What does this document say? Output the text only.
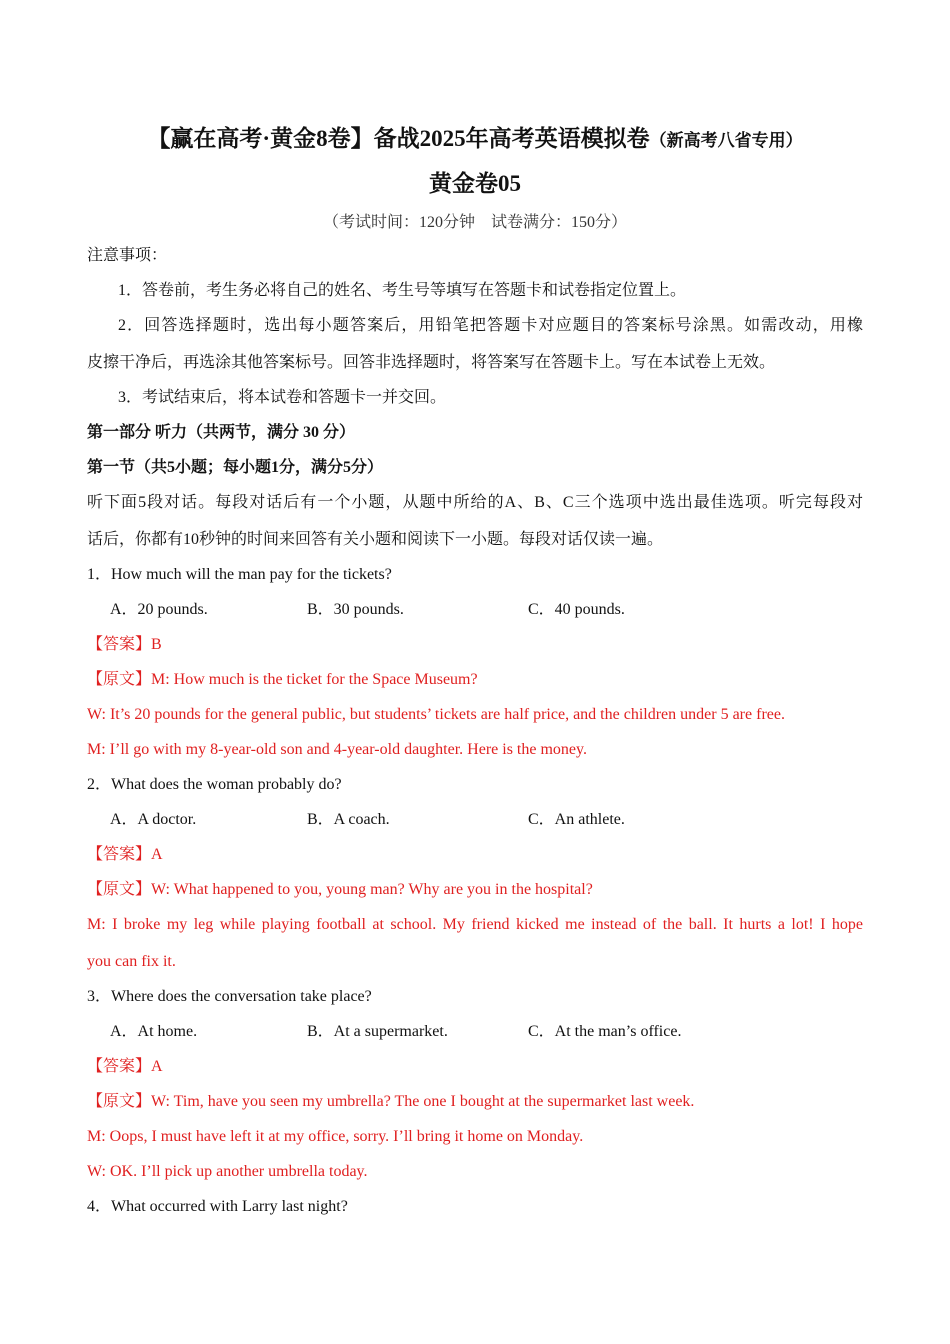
【赢在高考·黄金8卷】备战2025年高考英语模拟卷（新高考八省专用）
黄金卷05
（考试时间：120分钟　试卷满分：150分）
注意事项：
1．答卷前，考生务必将自己的姓名、考生号等填写在答题卡和试卷指定位置上。
2．回答选择题时，选出每小题答案后，用铅笔把答题卡对应题目的答案标号涂黑。如需改动，用橡
皮擦干净后，再选涂其他答案标号。回答非选择题时，将答案写在答题卡上。写在本试卷上无效。
3．考试结束后，将本试卷和答题卡一并交回。
第一部分 听力（共两节，满分 30 分）
第一节（共5小题；每小题1分，满分5分）
听下面5段对话。每段对话后有一个小题，从题中所给的A、B、C三个选项中选出最佳选项。听完每段对
话后，你都有10秒钟的时间来回答有关小题和阅读下一小题。每段对话仅读一遍。
1．How much will the man pay for the tickets?
A．20 pounds.	B．30 pounds.	C．40 pounds.
【答案】B
【原文】M: How much is the ticket for the Space Museum?
W: It’s 20 pounds for the general public, but students’ tickets are half price, and the children under 5 are free.
M: I’ll go with my 8-year-old son and 4-year-old daughter. Here is the money.
2．What does the woman probably do?
A．A doctor.	B．A coach.	C．An athlete.
【答案】A
【原文】W: What happened to you, young man? Why are you in the hospital?
M: I broke my leg while playing football at school. My friend kicked me instead of the ball. It hurts a lot! I hope
you can fix it.
3．Where does the conversation take place?
A．At home.	B．At a supermarket.	C．At the man’s office.
【答案】A
【原文】W: Tim, have you seen my umbrella? The one I bought at the supermarket last week.
M: Oops, I must have left it at my office, sorry. I’ll bring it home on Monday.
W: OK. I’ll pick up another umbrella today.
4．What occurred with Larry last night?
